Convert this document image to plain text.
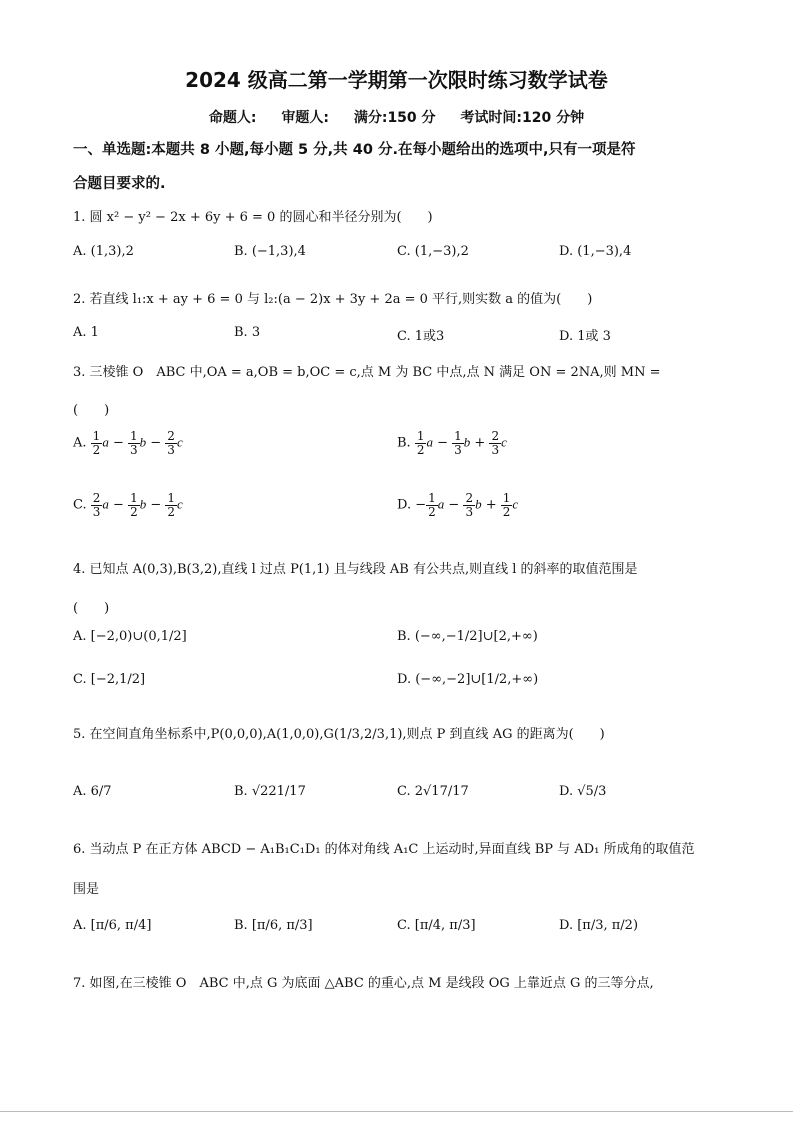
2024 级高二第一学期第一次限时练习数学试卷
命题人: 审题人: 满分:150 分 考试时间:120 分钟
一、单选题:本题共 8 小题,每小题 5 分,共 40 分.在每小题给出的选项中,只有一项是符
合题目要求的.
1. 圆 x² − y² − 2x + 6y + 6 = 0 的圆心和半径分别为(　　)
A. (1,3),2	B. (−1,3),4	C. (1,−3),2	D. (1,−3),4
2. 若直线 l₁:x + ay + 6 = 0 与 l₂:(a − 2)x + 3y + 2a = 0 平行,则实数 a 的值为(　　)
A. 1	B. 3	C. 1或3	D. 1或 3
3. 三棱锥 O　ABC 中,OA = a,OB = b,OC = c,点 M 为 BC 中点,点 N 满足 ON = 2NA,则 MN =
(　　)
A. $\frac{1}{2}$ $a - \frac{1}{3}$ $b - \frac{2}{3}$ c	B. $\frac{1}{2}$ $a - \frac{1}{3}$ $b + \frac{2}{3}$ c
C. $\frac{2}{3}$ $a - \frac{1}{2}$ $b - \frac{1}{2}$ c	D. − $\frac{1}{2}$ $a - \frac{2}{3}$ $b + \frac{1}{2}$ c
4. 已知点 A(0,3),B(3,2),直线 l 过点 P(1,1) 且与线段 AB 有公共点,则直线 l 的斜率的取值范围是
(　　)
A. [−2,0)∪(0,1/2]	B. (−∞,−1/2]∪[2,+∞)
C. [−2,1/2]	D. (−∞,−2]∪[1/2,+∞)
5. 在空间直角坐标系中,P(0,0,0),A(1,0,0),G(1/3,2/3,1),则点 P 到直线 AG 的距离为(　　)
A. 6/7	B. √221/17	C. 2√17/17	D. √5/3
6. 当动点 P 在正方体 ABCD − A₁B₁C₁D₁ 的体对角线 A₁C 上运动时,异面直线 BP 与 AD₁ 所成角的取值范
围是
A. [π/6, π/4]	B. [π/6, π/3]	C. [π/4, π/3]	D. [π/3, π/2)
7. 如图,在三棱锥 O　ABC 中,点 G 为底面 △ABC 的重心,点 M 是线段 OG 上靠近点 G 的三等分点,
